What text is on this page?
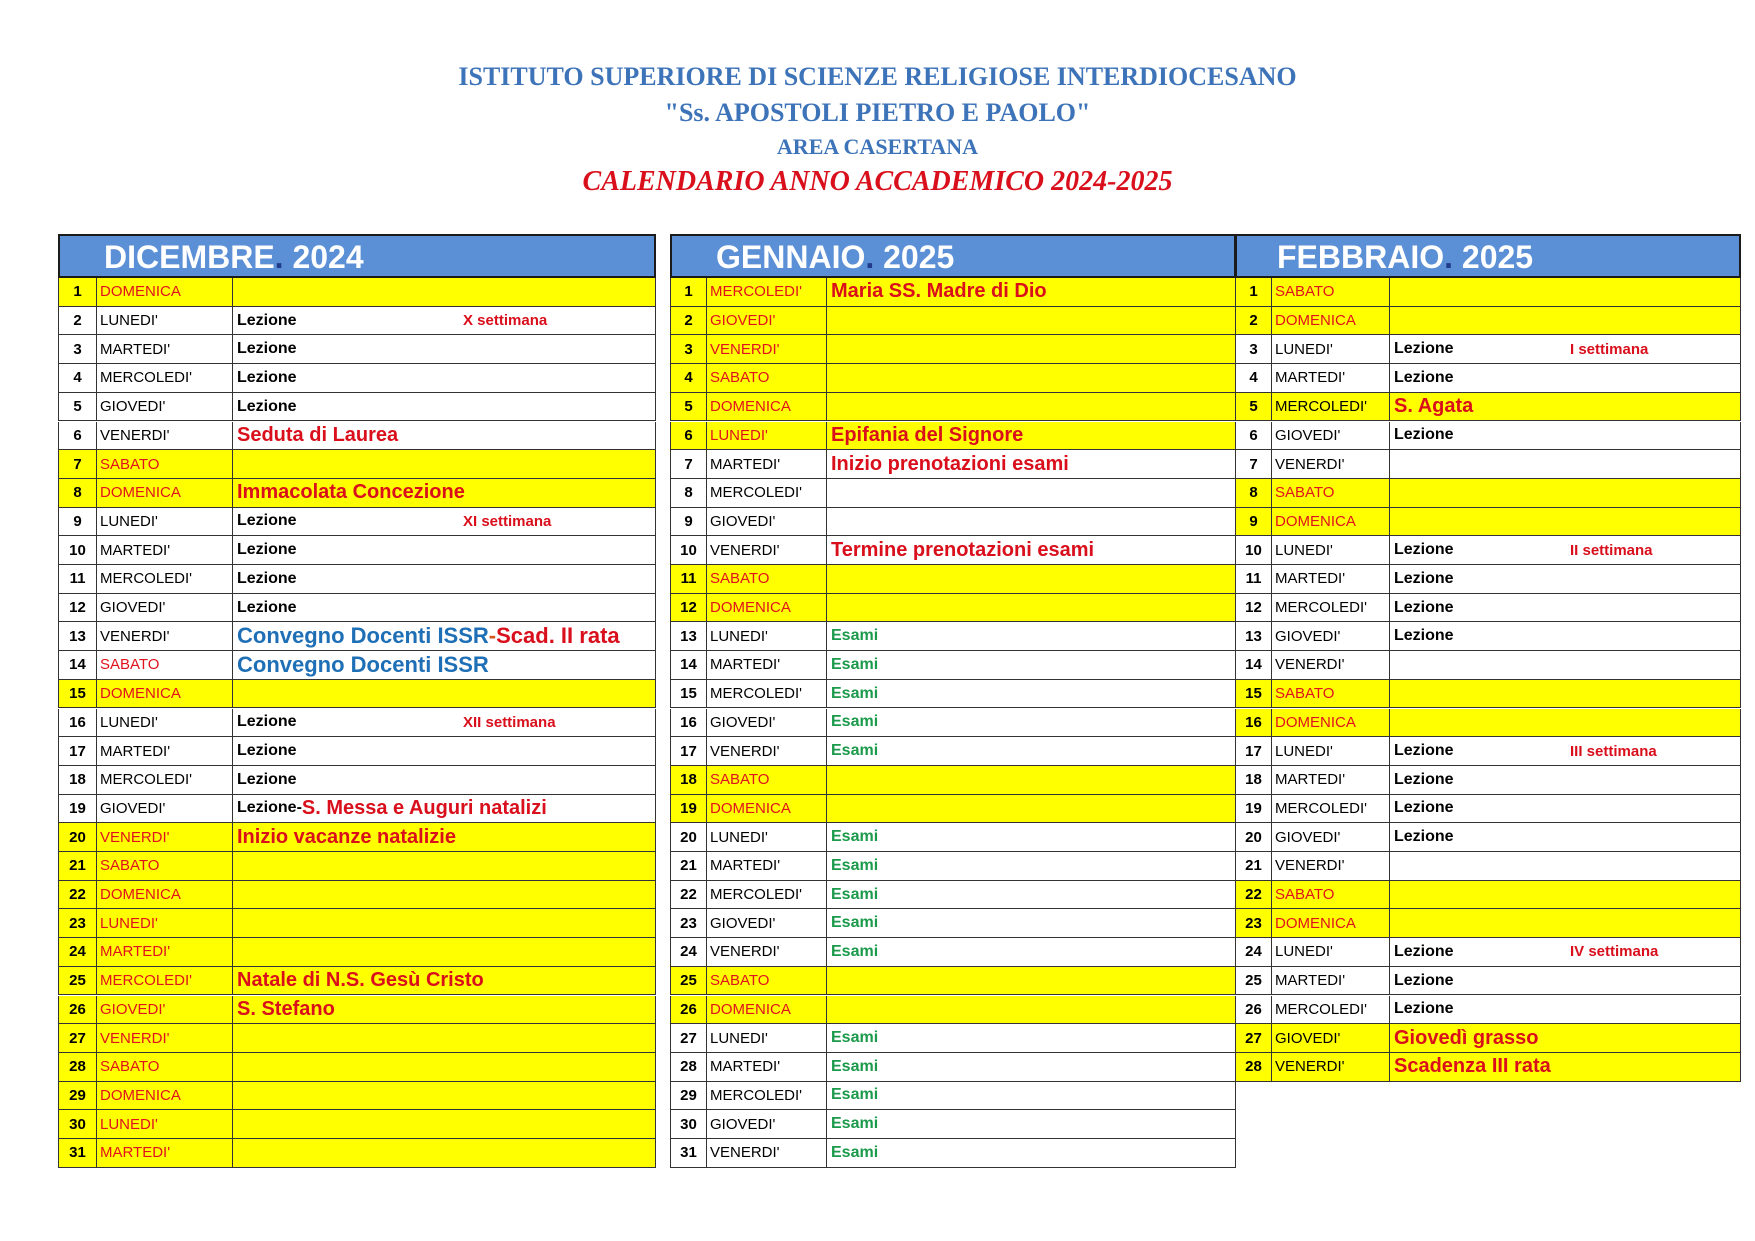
ISTITUTO SUPERIORE DI SCIENZE RELIGIOSE INTERDIOCESANO
"Ss. APOSTOLI PIETRO E PAOLO"
AREA CASERTANA
CALENDARIO ANNO ACCADEMICO 2024-2025
DICEMBRE. 2024
1	DOMENICA
2	LUNEDI'	Lezione	X settimana
3	MARTEDI'	Lezione
4	MERCOLEDI'	Lezione
5	GIOVEDI'	Lezione
6	VENERDI'	Seduta di Laurea
7	SABATO
8	DOMENICA	Immacolata Concezione
9	LUNEDI'	Lezione	XI settimana
10 MARTEDI'	Lezione
11 MERCOLEDI'	Lezione
12 GIOVEDI'	Lezione
13 VENERDI'	Convegno Docenti ISSR - Scad. II rata
14 SABATO	Convegno Docenti ISSR
15 DOMENICA
16 LUNEDI'	Lezione	XII settimana
17 MARTEDI'	Lezione
18 MERCOLEDI'	Lezione
19 GIOVEDI'	Lezione - S. Messa e Auguri natalizi
20 VENERDI'	Inizio vacanze natalizie
21 SABATO
22 DOMENICA
23 LUNEDI'
24 MARTEDI'
25 MERCOLEDI'	Natale di N.S. Gesù Cristo
26 GIOVEDI'	S. Stefano
27 VENERDI'
28 SABATO
29 DOMENICA
30 LUNEDI'
31 MARTEDI'
GENNAIO. 2025
1	MERCOLEDI'	Maria SS. Madre di Dio
2	GIOVEDI'
3	VENERDI'
4	SABATO
5	DOMENICA
6	LUNEDI'	Epifania del Signore
7	MARTEDI'	Inizio prenotazioni esami
8	MERCOLEDI'
9	GIOVEDI'
10 VENERDI'	Termine prenotazioni esami
11 SABATO
12 DOMENICA
13 LUNEDI'	Esami
14 MARTEDI'	Esami
15 MERCOLEDI'	Esami
16 GIOVEDI'	Esami
17 VENERDI'	Esami
18 SABATO
19 DOMENICA
20 LUNEDI'	Esami
21 MARTEDI'	Esami
22 MERCOLEDI'	Esami
23 GIOVEDI'	Esami
24 VENERDI'	Esami
25 SABATO
26 DOMENICA
27 LUNEDI'	Esami
28 MARTEDI'	Esami
29 MERCOLEDI'	Esami
30 GIOVEDI'	Esami
31 VENERDI'	Esami
FEBBRAIO. 2025
1	SABATO
2	DOMENICA
3	LUNEDI'	Lezione	I settimana
4	MARTEDI'	Lezione
5	MERCOLEDI'	S. Agata
6	GIOVEDI'	Lezione
7	VENERDI'
8	SABATO
9	DOMENICA
10 LUNEDI'	Lezione	II settimana
11 MARTEDI'	Lezione
12 MERCOLEDI'	Lezione
13 GIOVEDI'	Lezione
14 VENERDI'
15 SABATO
16 DOMENICA
17 LUNEDI'	Lezione	III settimana
18 MARTEDI'	Lezione
19 MERCOLEDI'	Lezione
20 GIOVEDI'	Lezione
21 VENERDI'
22 SABATO
23 DOMENICA
24 LUNEDI'	Lezione	IV settimana
25 MARTEDI'	Lezione
26 MERCOLEDI'	Lezione
27 GIOVEDI'	Giovedì grasso
28 VENERDI'	Scadenza III rata
